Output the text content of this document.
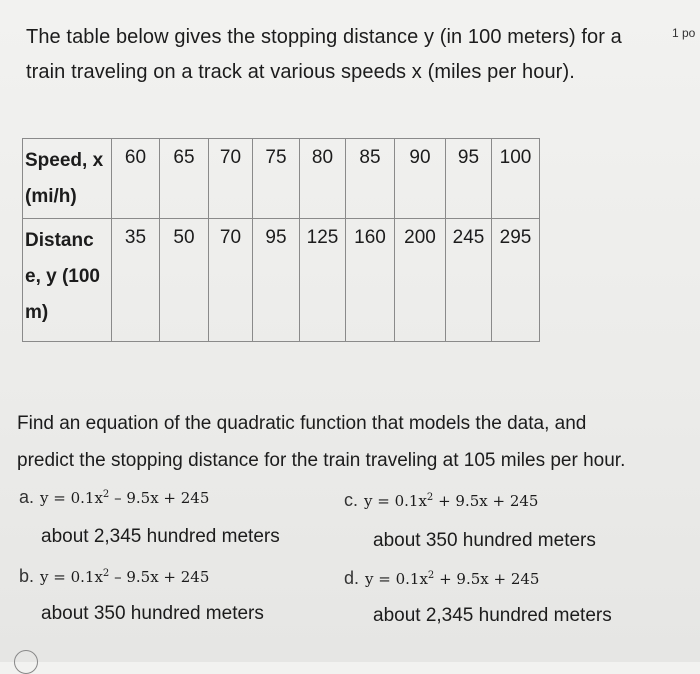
1 po
The table below gives the stopping distance y (in 100 meters) for a
train traveling on a track at various speeds x (miles per hour).
Speed, x
(mi/h)	60	65	70	75	80	85	90	95	100
Distanc
e, y (100
m)	35	50	70	95	125	160	200	245	295
Find an equation of the quadratic function that models the data, and
predict the stopping distance for the train traveling at 105 miles per hour.
a. $y = 0.1x^2 - 9.5x + 245$
about 2,345 hundred meters
b. $y = 0.1x^2 - 9.5x + 245$
about 350 hundred meters
c. $y = 0.1x^2 + 9.5x + 245$
about 350 hundred meters
d. $y = 0.1x^2 + 9.5x + 245$
about 2,345 hundred meters
